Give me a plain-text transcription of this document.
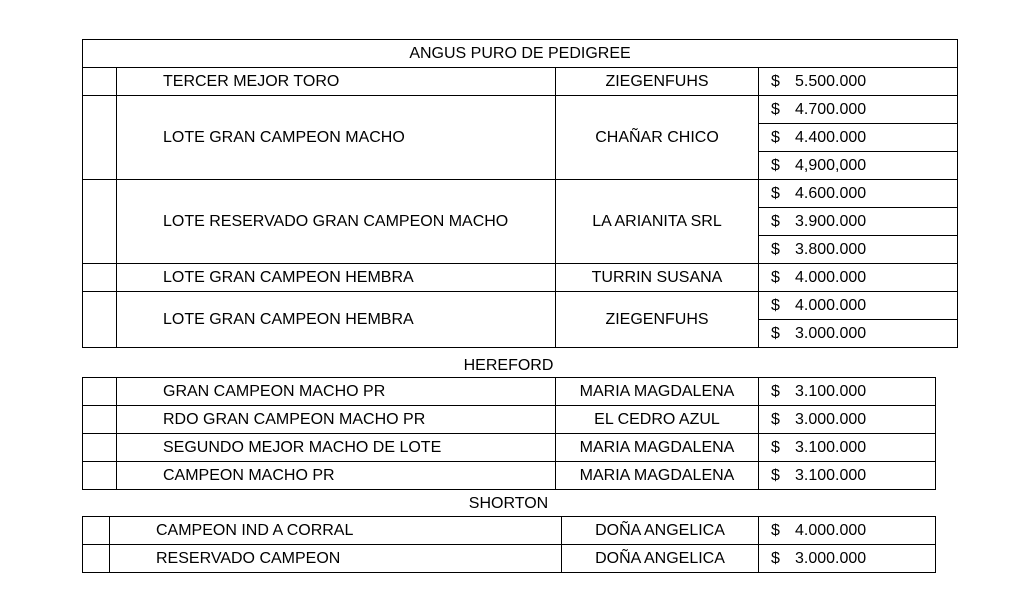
ANGUS PURO DE PEDIGREE			
	TERCER MEJOR TORO	ZIEGENFUHS	$ 5.500.000
	LOTE GRAN CAMPEON MACHO	CHAÑAR CHICO	$ 4.700.000
			$ 4.400.000
			$ 4,900,000
	LOTE RESERVADO GRAN CAMPEON MACHO	LA ARIANITA SRL	$ 4.600.000
			$ 3.900.000
			$ 3.800.000
	LOTE GRAN CAMPEON HEMBRA	TURRIN SUSANA	$ 4.000.000
	LOTE GRAN CAMPEON HEMBRA	ZIEGENFUHS	$ 4.000.000
			$ 3.000.000
HEREFORD
	GRAN CAMPEON MACHO PR	MARIA MAGDALENA	$ 3.100.000
	RDO GRAN CAMPEON MACHO PR	EL CEDRO AZUL	$ 3.000.000
	SEGUNDO MEJOR MACHO DE LOTE	MARIA MAGDALENA	$ 3.100.000
	CAMPEON MACHO PR	MARIA MAGDALENA	$ 3.100.000
SHORTON
	CAMPEON IND A CORRAL	DOÑA ANGELICA	$ 4.000.000
	RESERVADO CAMPEON	DOÑA ANGELICA	$ 3.000.000
